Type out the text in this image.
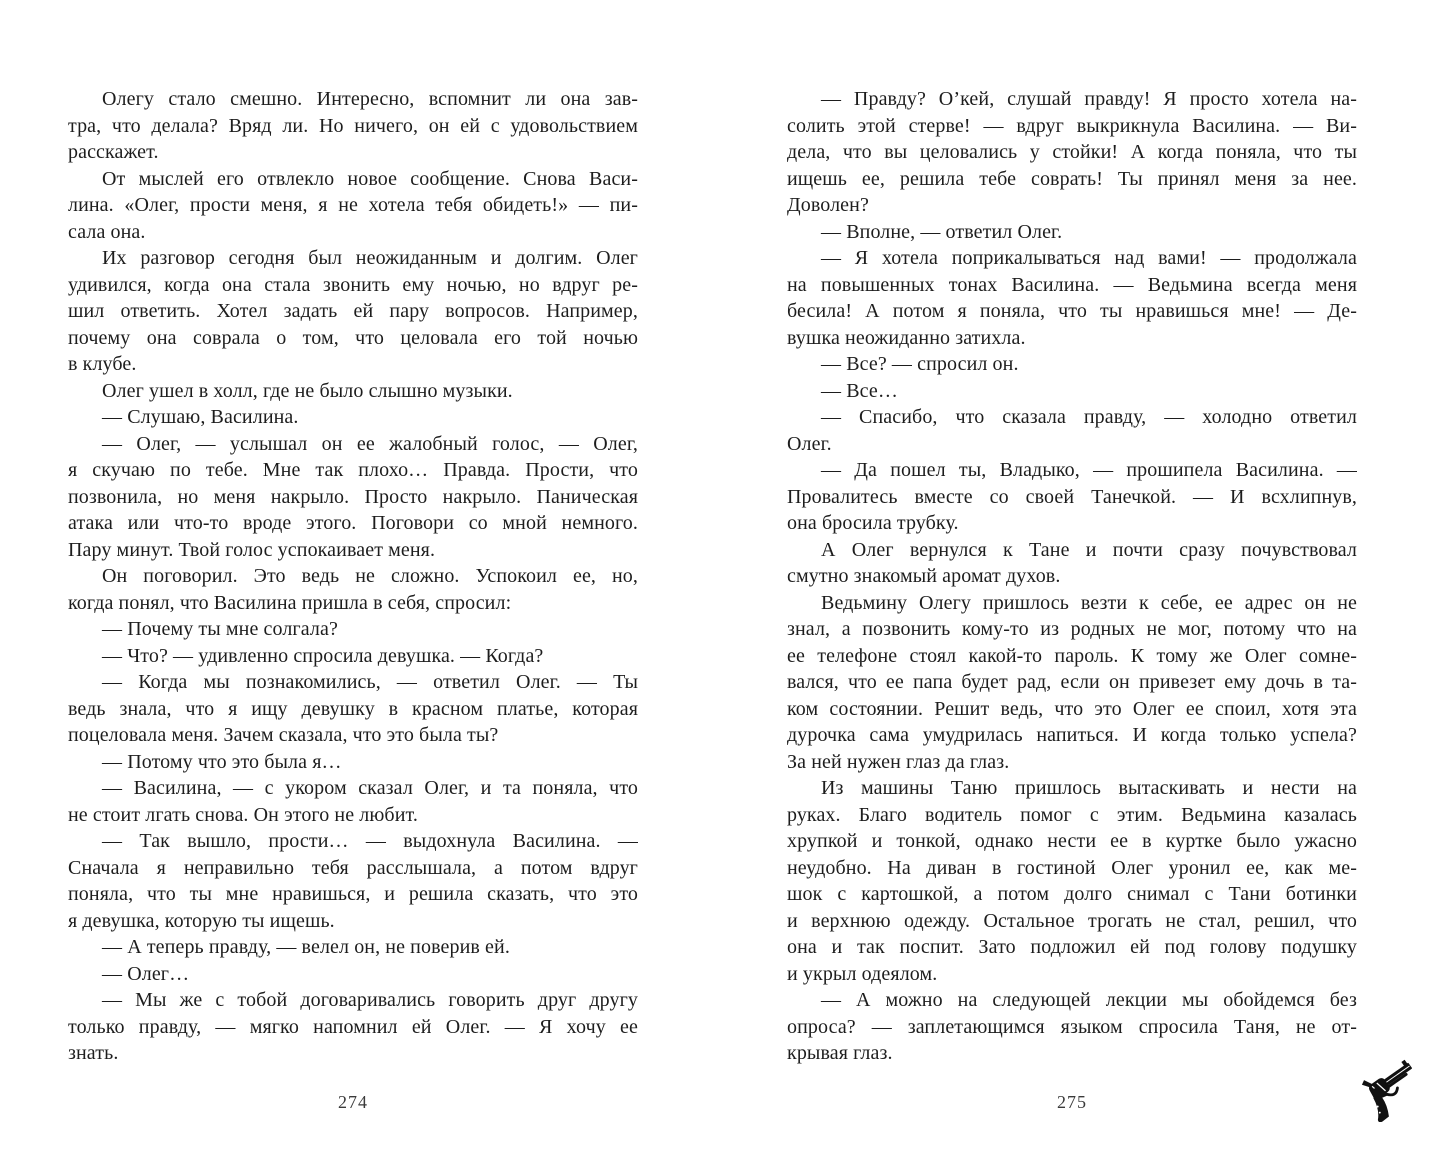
Олегу стало смешно. Интересно, вспомнит ли она зав-
тра, что делала? Вряд ли. Но ничего, он ей с удовольствием
расскажет.

От мыслей его отвлекло новое сообщение. Снова Васи-
лина. «Олег, прости меня, я не хотела тебя обидеть!» — пи-
сала она.

Их разговор сегодня был неожиданным и долгим. Олег
удивился, когда она стала звонить ему ночью, но вдруг ре-
шил ответить. Хотел задать ей пару вопросов. Например,
почему она соврала о том, что целовала его той ночью
в клубе.

Олег ушел в холл, где не было слышно музыки.

— Слушаю, Василина.

— Олег, — услышал он ее жалобный голос, — Олег,
я скучаю по тебе. Мне так плохо… Правда. Прости, что
позвонила, но меня накрыло. Просто накрыло. Паническая
атака или что-то вроде этого. Поговори со мной немного.
Пару минут. Твой голос успокаивает меня.

Он поговорил. Это ведь не сложно. Успокоил ее, но,
когда понял, что Василина пришла в себя, спросил:

— Почему ты мне солгала?

— Что? — удивленно спросила девушка. — Когда?

— Когда мы познакомились, — ответил Олег. — Ты
ведь знала, что я ищу девушку в красном платье, которая
поцеловала меня. Зачем сказала, что это была ты?

— Потому что это была я…

— Василина, — с укором сказал Олег, и та поняла, что
не стоит лгать снова. Он этого не любит.

— Так вышло, прости… — выдохнула Василина. —
Сначала я неправильно тебя расслышала, а потом вдруг
поняла, что ты мне нравишься, и решила сказать, что это
я девушка, которую ты ищешь.

— А теперь правду, — велел он, не поверив ей.

— Олег…

— Мы же с тобой договаривались говорить друг другу
только правду, — мягко напомнил ей Олег. — Я хочу ее
знать.

— Правду? О’кей, слушай правду! Я просто хотела на-
солить этой стерве! — вдруг выкрикнула Василина. — Ви-
дела, что вы целовались у стойки! А когда поняла, что ты
ищешь ее, решила тебе соврать! Ты принял меня за нее.
Доволен?

— Вполне, — ответил Олег.

— Я хотела поприкалываться над вами! — продолжала
на повышенных тонах Василина. — Ведьмина всегда меня
бесила! А потом я поняла, что ты нравишься мне! — Де-
вушка неожиданно затихла.

— Все? — спросил он.

— Все…

— Спасибо, что сказала правду, — холодно ответил
Олег.

— Да пошел ты, Владыко, — прошипела Василина. —
Провалитесь вместе со своей Танечкой. — И всхлипнув,
она бросила трубку.

А Олег вернулся к Тане и почти сразу почувствовал
смутно знакомый аромат духов.

Ведьмину Олегу пришлось везти к себе, ее адрес он не
знал, а позвонить кому-то из родных не мог, потому что на
ее телефоне стоял какой-то пароль. К тому же Олег сомне-
вался, что ее папа будет рад, если он привезет ему дочь в та-
ком состоянии. Решит ведь, что это Олег ее споил, хотя эта
дурочка сама умудрилась напиться. И когда только успела?
За ней нужен глаз да глаз.

Из машины Таню пришлось вытаскивать и нести на
руках. Благо водитель помог с этим. Ведьмина казалась
хрупкой и тонкой, однако нести ее в куртке было ужасно
неудобно. На диван в гостиной Олег уронил ее, как ме-
шок с картошкой, а потом долго снимал с Тани ботинки
и верхнюю одежду. Остальное трогать не стал, решил, что
она и так поспит. Зато подложил ей под голову подушку
и укрыл одеялом.

— А можно на следующей лекции мы обойдемся без
опроса? — заплетающимся языком спросила Таня, не от-
крывая глаз.

274	275
